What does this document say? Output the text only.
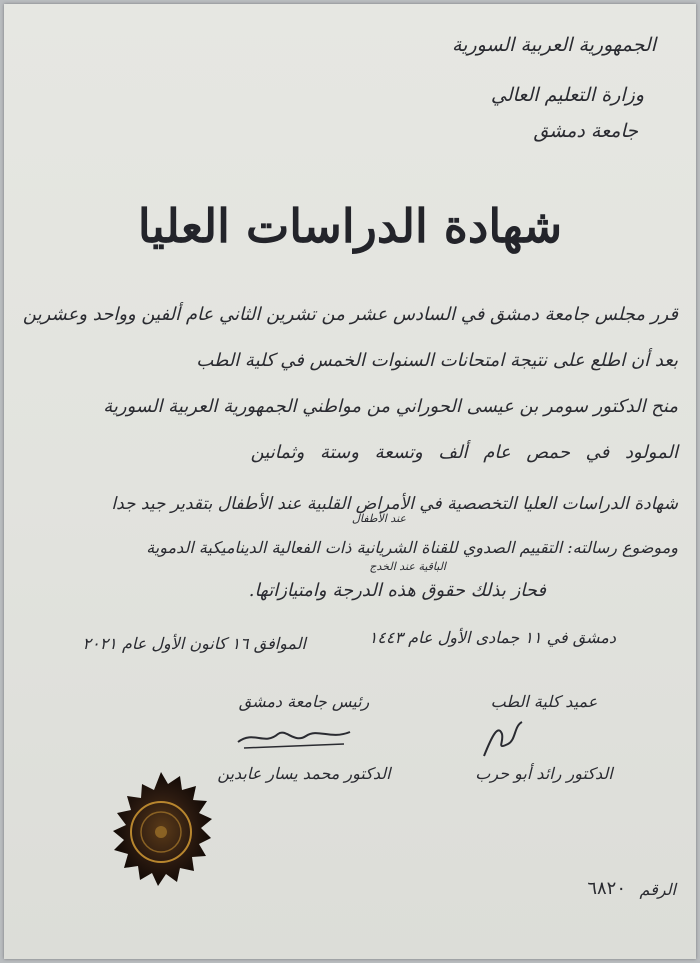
الجمهورية العربية السورية
وزارة التعليم العالي
جامعة دمشق
شهادة الدراسات العليا
قرر مجلس جامعة دمشق في السادس عشر من تشرين الثاني عام ألفين وواحد وعشرين
بعد أن اطلع على نتيجة امتحانات السنوات الخمس في كلية الطب
منح الدكتور سومر بن عيسى الحوراني من مواطني الجمهورية العربية السورية
المولود في حمص عام ألف وتسعة وستة وثمانين
شهادة الدراسات العليا التخصصية في الأمراض القلبية عند الأطفال بتقدير جيد جدا
عند الأطفال
وموضوع رسالته: التقييم الصدوي للقناة الشريانية ذات الفعالية الديناميكية الدموية
الباقية عند الخدج
فحاز بذلك حقوق هذه الدرجة وامتيازاتها.
دمشق في ١١ جمادى الأول عام ١٤٤٣
الموافق ١٦ كانون الأول عام ٢٠٢١
عميد كلية الطب
الدكتور رائد أبو حرب
رئيس جامعة دمشق
الدكتور محمد يسار عابدين
الرقم
٦٨٢٠
